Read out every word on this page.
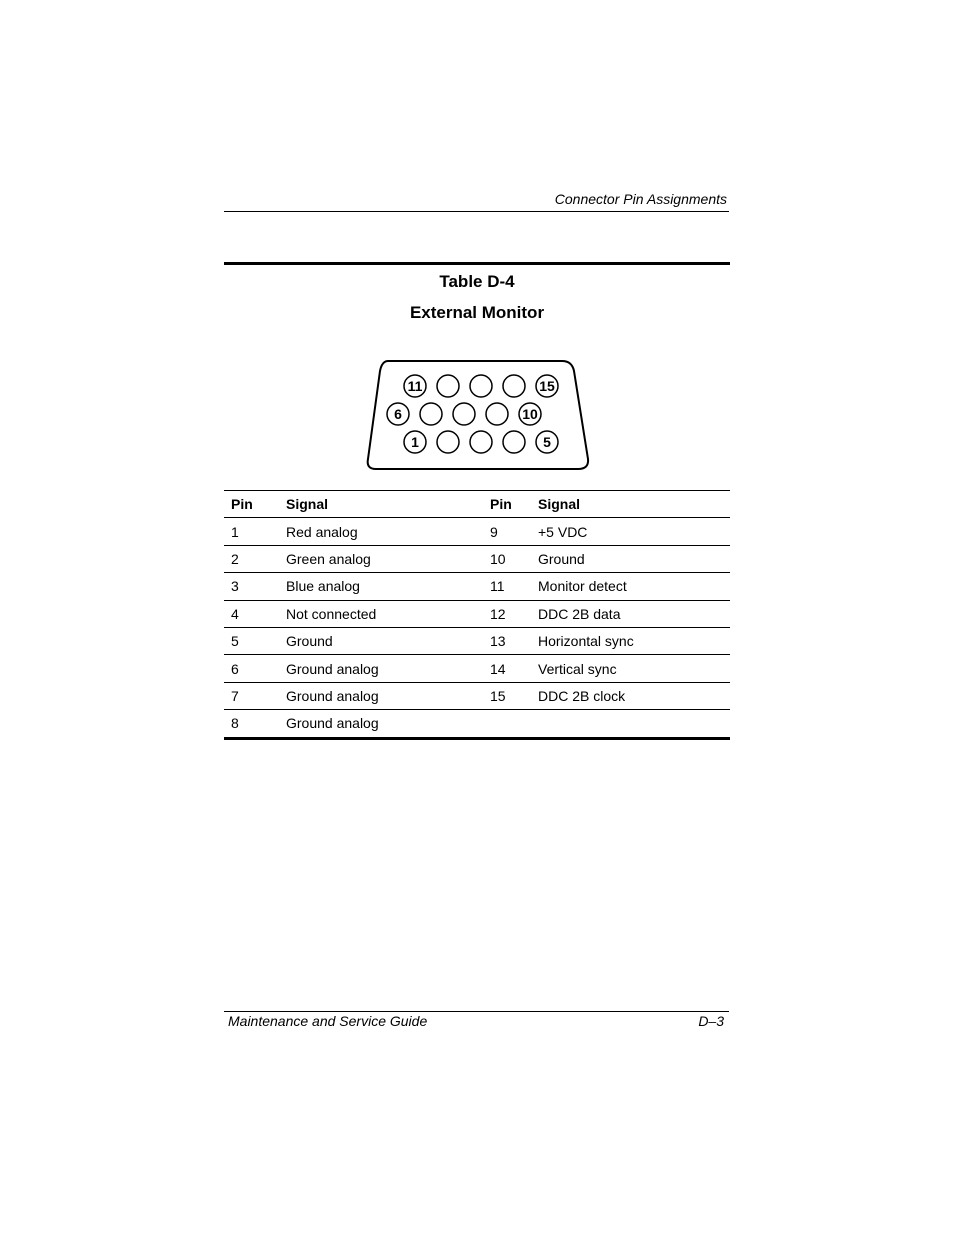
Connector Pin Assignments
Table D-4
External Monitor
11	15
6	10
1	5
Pin	Signal	Pin	Signal
1	Red analog	9	+5 VDC
2	Green analog	10	Ground
3	Blue analog	11	Monitor detect
4	Not connected	12	DDC 2B data
5	Ground	13	Horizontal sync
6	Ground analog	14	Vertical sync
7	Ground analog	15	DDC 2B clock
8	Ground analog		
Maintenance and Service Guide	D–3
